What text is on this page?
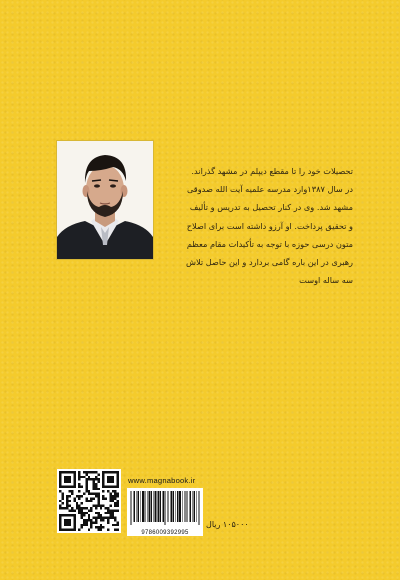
تحصیلات خود را تا مقطع دیپلم در مشهد گذراند.

در سال ۱۳۸۷وارد مدرسه علمیه آیت الله صدوقی

مشهد شد. وی در کنار تحصیل به تدریس و تألیف

و تحقیق پرداخت. او آرزو داشته است برای اصلاح

متون درسی حوزه با توجه به تأکیدات مقام معظم

رهبری در این باره گامی بردارد و این حاصل تلاش

سه ساله اوست

www.magnabook.ir
9786009392995
۱۰۵۰۰۰ ریال
